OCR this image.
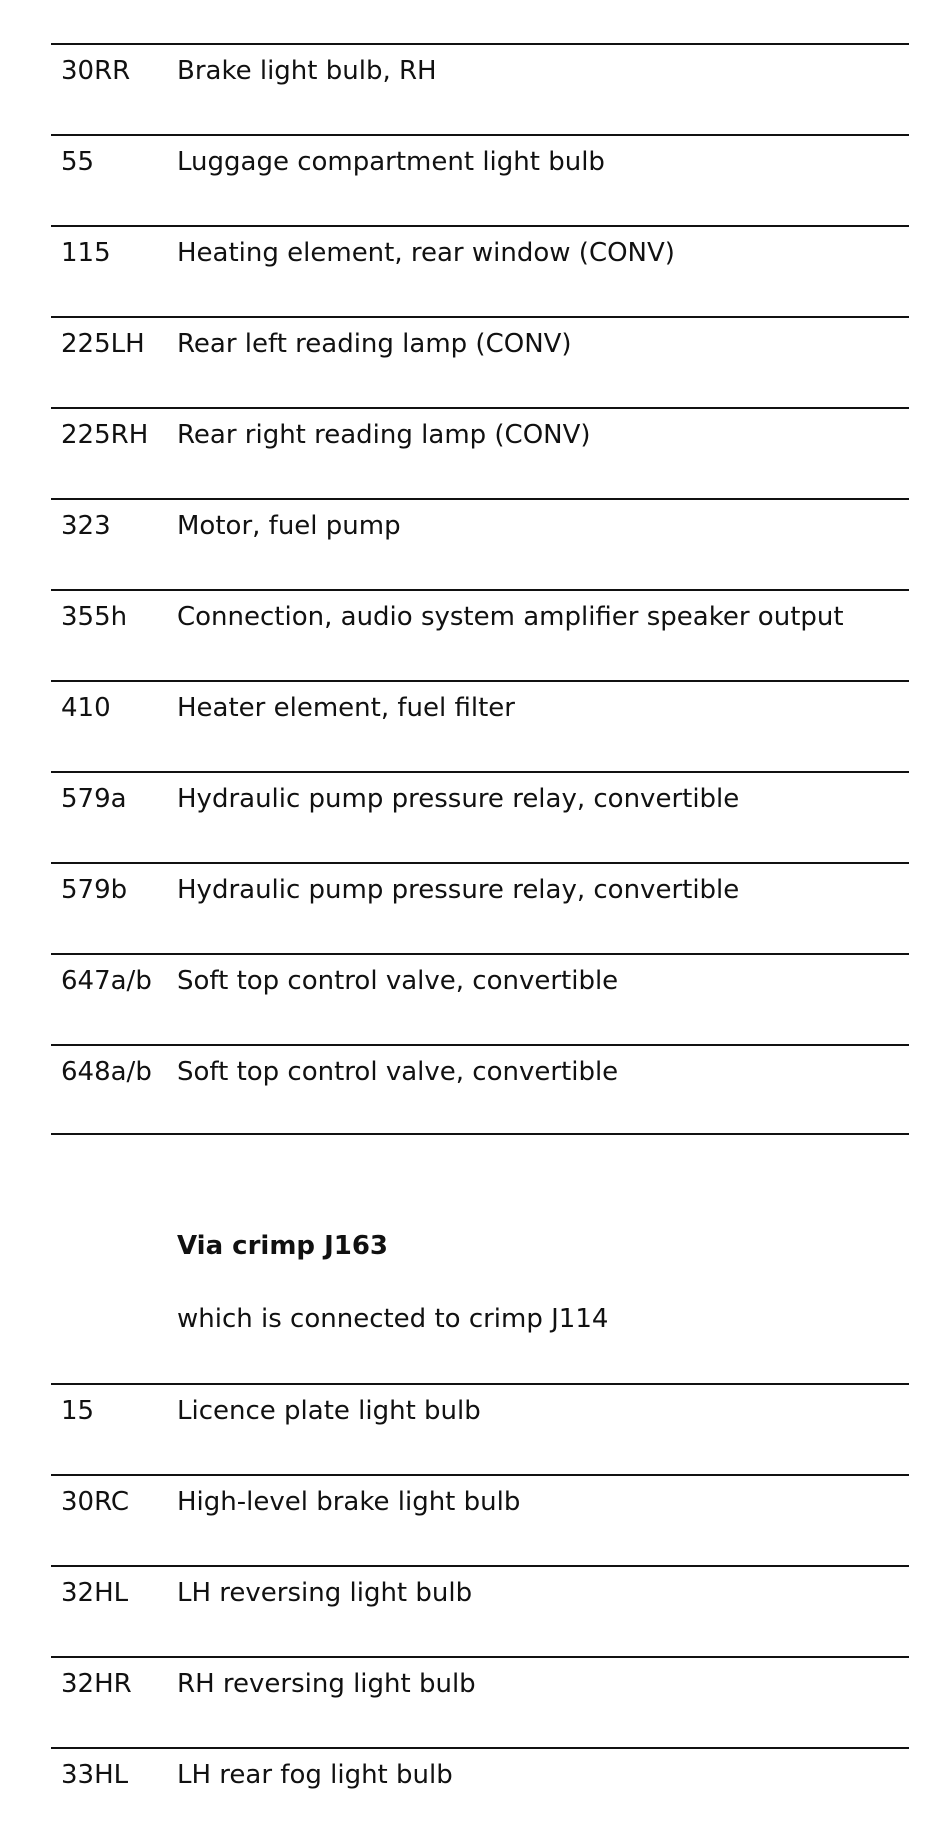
30RR Brake light bulb, RH
55	Luggage compartment light bulb
115	Heating element, rear window (CONV)
225LH Rear left reading lamp (CONV)
225RH Rear right reading lamp (CONV)
323	Motor, fuel pump
355h Connection, audio system amplifier speaker output
410	Heater element, fuel filter
579a Hydraulic pump pressure relay, convertible
579b Hydraulic pump pressure relay, convertible
647a/b Soft top control valve, convertible
648a/b Soft top control valve, convertible
Via crimp J163
which is connected to crimp J114
15	Licence plate light bulb
30RC High-level brake light bulb
32HL LH reversing light bulb
32HR RH reversing light bulb
33HL LH rear fog light bulb
